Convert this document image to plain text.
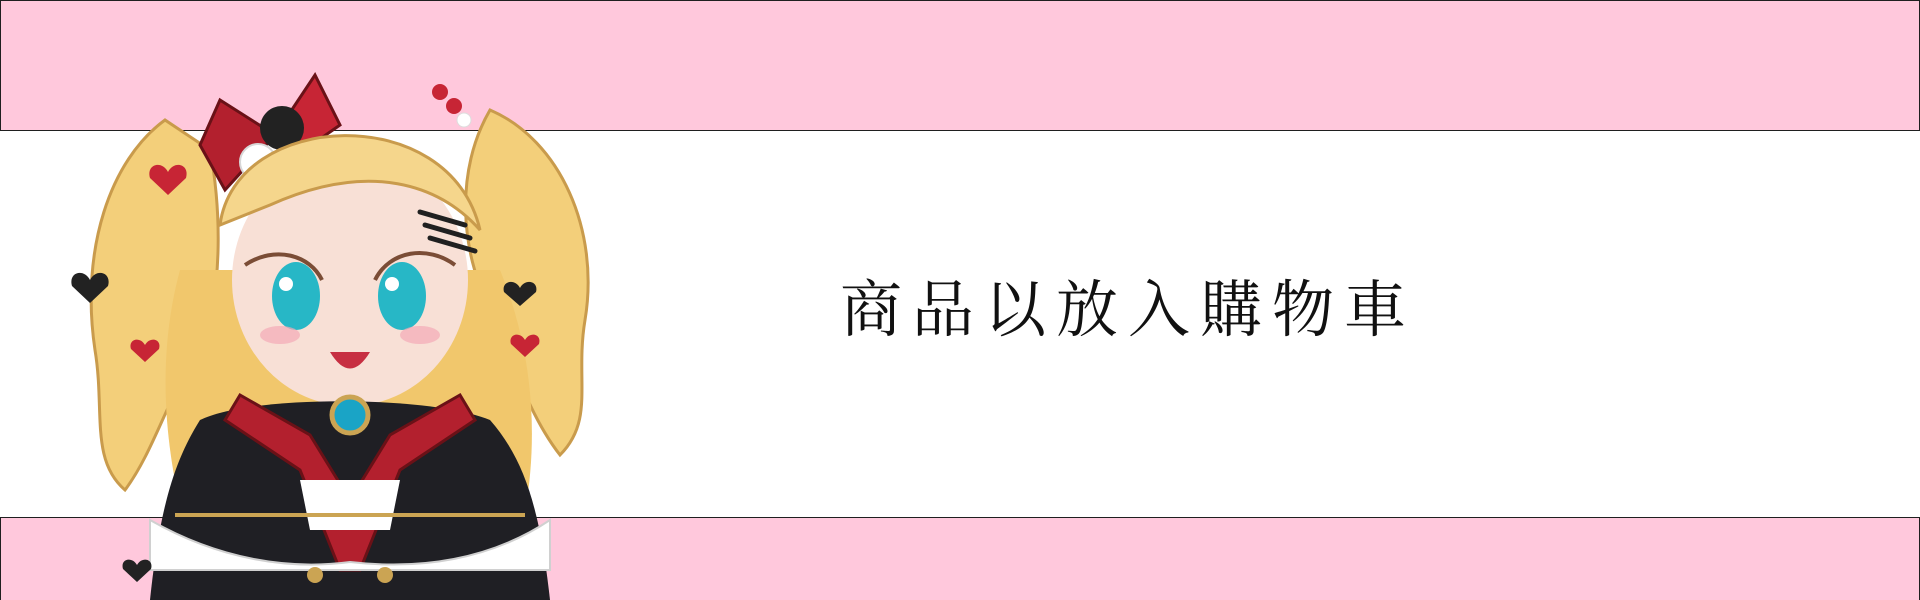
商品以放入購物車
